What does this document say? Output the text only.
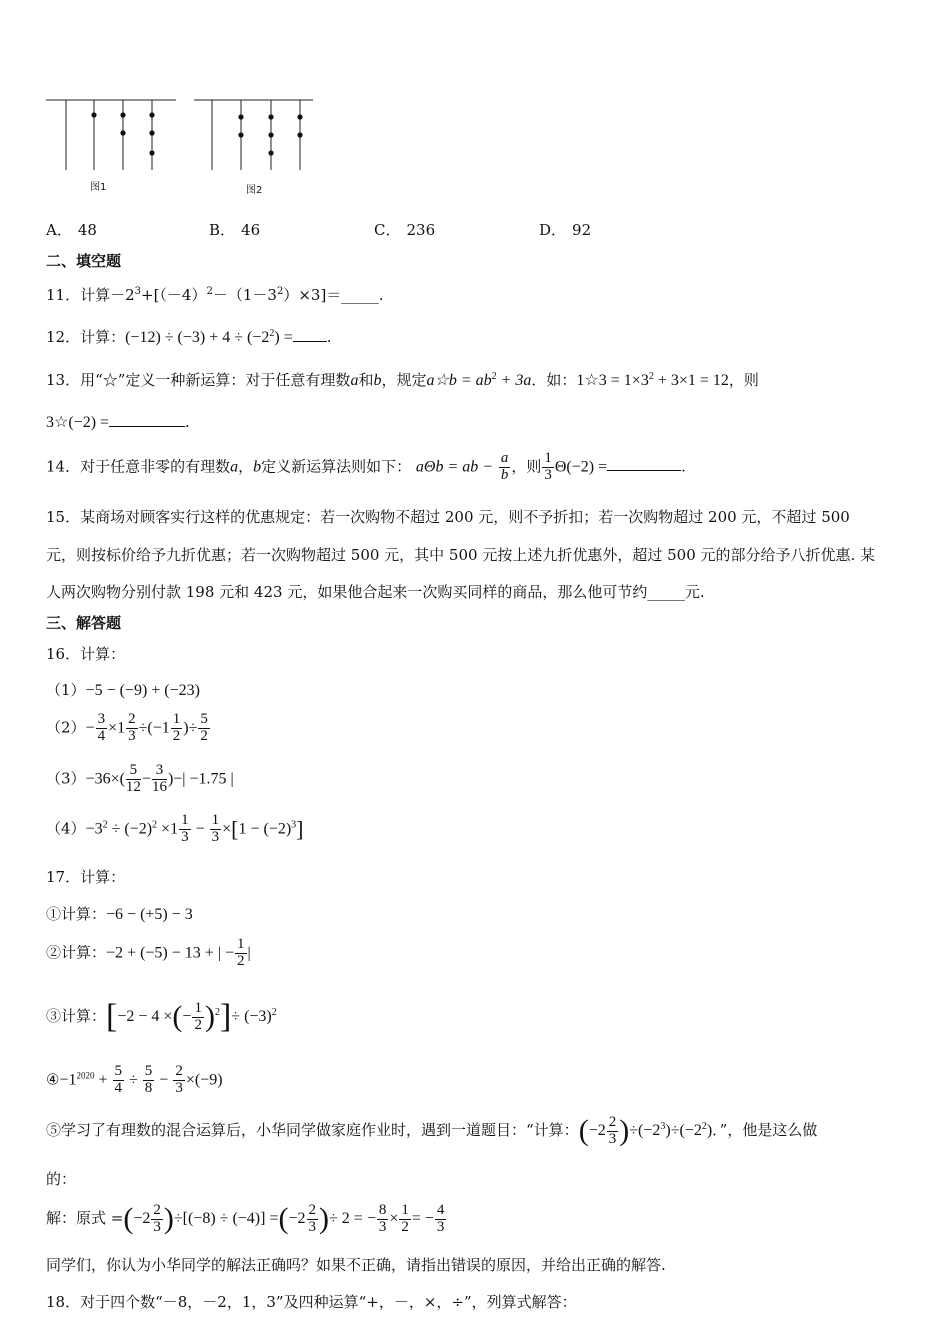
图1	图2
A． 48	B． 46	C． 236	D． 92
二、填空题
11．计算$-2^3+[(-4)^2-(1-3^2)\times 3]=\_\_\_\_\_$.
12．计算：$(-12) \div (-3) + 4 \div (-2^2)$ = .
13．用“☆”定义一种新运算：对于任意有理数a和b，规定a☆b = $ab^2 + 3a$．如：1☆3 = $1\times 3^2 + 3\times 1 = 12$，则
3☆(−2) =	.
14．对于任意非零的有理数a，b定义新运算法则如下： aΘb = ab − $\frac{a}{b}$ ，则 $\frac{1}{3} \Theta(-2)$ =	.
15．某商场对顾客实行这样的优惠规定：若一次购物不超过 200 元，则不予折扣；若一次购物超过 200 元，不超过 500
元，则按标价给予九折优惠；若一次购物超过 500 元，其中 500 元按上述九折优惠外，超过 500 元的部分给予八折优惠. 某
人两次购物分别付款 198 元和 423 元，如果他合起来一次购买同样的商品，那么他可节约_____元.
三、解答题
16．计算：
（1）−5 − (−9) + (−23)
$(2)- \frac{3}{4} \times 1 \frac{2}{3} \div(-1 \frac{1}{2}$ )÷ $\frac{5}{2}$
$(3)-36\times( \frac{5}{12} - \frac{3}{16}$ )−| −1.75 |
$(4)-3^2 \div (-2)^2 \times 1 \frac{1}{3} - \frac{1}{3} \times[1 - (-2)^3]$
17．计算：
①计算：−6 − (+5) − 3
②计算：−2 + (−5) − 13 + | − $\frac{1}{2}$ |
③计算：[−2 − 4 ×(− $\frac{1}{2} )^2]\div (-3)^2$
$④-1^{2020} + \frac{5}{4} \div \frac{5}{8} - \frac{2}{3} \times(-9)$
⑤学习了有理数的混合运算后，小华同学做家庭作业时，遇到一道题目：“计算：$(-2 \frac{2}{3} )\div(-2^3)\div(-2^2)$．”，他是这么做
的：
解：原式 $=(-2 \frac{2}{3} )\div[(-8) \div (-4)] =(-2 \frac{2}{3}$ )÷ 2 = − $\frac{8}{3} \times \frac{1}{2}$ = − $\frac{4}{3}$
同学们，你认为小华同学的解法正确吗？如果不正确，请指出错误的原因，并给出正确的解答.
18．对于四个数“－8，－2，1，3”及四种运算“+，－，×，÷”，列算式解答：
